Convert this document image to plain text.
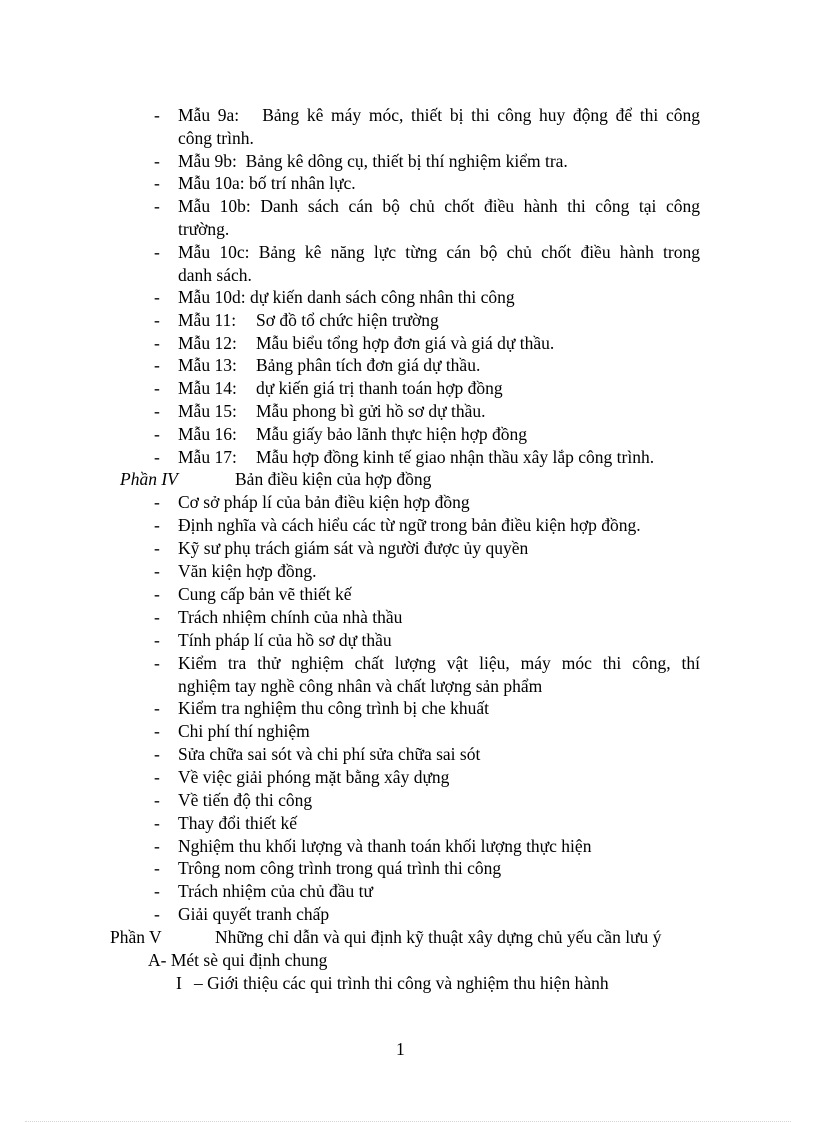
- Mẫu 9a: Bảng kê máy móc, thiết bị thi công huy động để thi công
công trình.
- Mẫu 9b: Bảng kê dông cụ, thiết bị thí nghiệm kiểm tra.
- Mẫu 10a: bố trí nhân lực.
- Mẫu 10b: Danh sách cán bộ chủ chốt điều hành thi công tại công
trường.
- Mẫu 10c: Bảng kê năng lực từng cán bộ chủ chốt điều hành trong
danh sách.
- Mẫu 10d: dự kiến danh sách công nhân thi công
- Mẫu 11: Sơ đồ tổ chức hiện trường
- Mẫu 12: Mẫu biểu tổng hợp đơn giá và giá dự thầu.
- Mẫu 13: Bảng phân tích đơn giá dự thầu.
- Mẫu 14: dự kiến giá trị thanh toán hợp đồng
- Mẫu 15: Mẫu phong bì gửi hồ sơ dự thầu.
- Mẫu 16: Mẫu giấy bảo lãnh thực hiện hợp đồng
- Mẫu 17: Mẫu hợp đồng kinh tế giao nhận thầu xây lắp công trình.
Phần IV	Bản điều kiện của hợp đồng
- Cơ sở pháp lí của bản điều kiện hợp đồng
- Định nghĩa và cách hiểu các từ ngữ trong bản điều kiện hợp đồng.
- Kỹ sư phụ trách giám sát và người được ủy quyền
- Văn kiện hợp đồng.
- Cung cấp bản vẽ thiết kế
- Trách nhiệm chính của nhà thầu
- Tính pháp lí của hồ sơ dự thầu
- Kiểm tra thử nghiệm chất lượng vật liệu, máy móc thi công, thí
nghiệm tay nghề công nhân và chất lượng sản phẩm
- Kiểm tra nghiệm thu công trình bị che khuất
- Chi phí thí nghiệm
- Sửa chữa sai sót và chi phí sửa chữa sai sót
- Về việc giải phóng mặt bằng xây dựng
- Về tiến độ thi công
- Thay đổi thiết kế
- Nghiệm thu khối lượng và thanh toán khối lượng thực hiện
- Trông nom công trình trong quá trình thi công
- Trách nhiệm của chủ đầu tư
- Giải quyết tranh chấp
Phần V	Những chỉ dẫn và qui định kỹ thuật xây dựng chủ yếu cần lưu ý
A- Mét sè qui định chung
I – Giới thiệu các qui trình thi công và nghiệm thu hiện hành
1
